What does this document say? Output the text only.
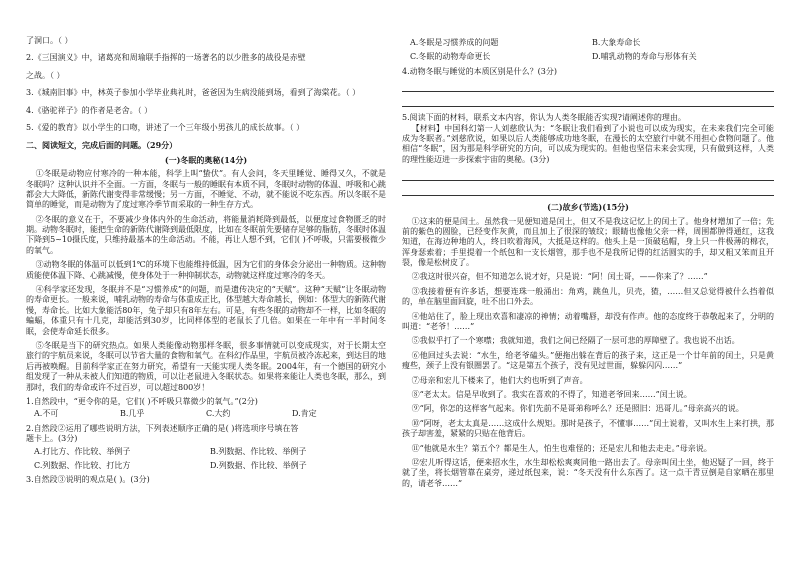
了洞口。（ ）
2.《三国演义》中，诸葛亮和周瑜联手指挥的一场著名的以少胜多的战役是赤壁
之战。（ ）
3.《城南旧事》中，林英子参加小学毕业典礼时，爸爸因为生病没能到场，看到了海棠花。（ ）
4.《骆驼祥子》的作者是老舍。（ ）
5.《爱的教育》以小学生的口吻，讲述了一个三年级小男孩儿的成长故事。（ ）
二、阅读短文，完成后面的问题。（29分）
(一)冬眠的奥秘(14分)

①冬眠是动物应付寒冷的一种本能，科学上叫“蛰伏”。有人会问，冬天里睡觉、睡得又久，不就是冬眠吗？这种认识并不全面。一方面，冬眠与一般的睡眠有本质不同，冬眠时动物的体温、呼吸和心跳都会大大降低，新陈代谢变得非常缓慢；另一方面，不睡觉、不动，就不能说不吃东西。所以冬眠不是简单的睡觉，而是动物为了度过寒冷季节而采取的一种生存方式。

②冬眠的意义在于，不要减少身体内外的生命活动，将能量消耗降到最低，以便度过食物匮乏的时期。动物冬眠时，能把生命的新陈代谢降到最低限度，比如在冬眠前先要储存足够的脂肪，冬眠时体温下降到5~10摄氏度，只维持最基本的生命活动。不能，再让人想不到，它们( )不呼吸，只需要极微少的氧气。

③动物冬眠的体温可以低到1℃的环境下也能维持低温，因为它们的身体会分泌出一种物质。这种物质能使体温下降、心跳减慢，使身体处于一种抑制状态，动物就这样度过寒冷的冬天。

④科学家还发现，冬眠并不是“习惯养成”的问题，而是遗传决定的“天赋”。这种“天赋”让冬眠动物的寿命更长。一般来说，哺乳动物的寿命与体重成正比，体型越大寿命越长，例如：体型大的新陈代谢慢，寿命长。比如大象能活80年，兔子却只有8年左右。可是，有些冬眠的动物却不一样，比如冬眠的蝙蝠，体重只有十几克，却能活到30岁，比同样体型的老鼠长了几倍。如果在一年中有一半时间冬眠，会使寿命延长很多。

⑤冬眠是当下的研究热点。如果人类能像动物那样冬眠，很多事情就可以变成现实，对于长期太空旅行的宇航员来说，冬眠可以节省大量的食物和氧气。在科幻作品里，宇航员被冷冻起来，到达目的地后再被唤醒。目前科学家正在努力研究，希望有一天能实现人类冬眠。2004年，有一个德国的研究小组发现了一种从未被人们知道的物质，可以让老鼠进入冬眠状态。如果将来能让人类也冬眠，那么，到那时，我们的寿命或许不过百岁，可以超过800岁！

1.自然段中，“更令你的是，它们( )不呼吸只靠微少的氧气。”(2分)
A.不可	B.几乎	C.大约	D.肯定
2.自然段②运用了哪些说明方法，下列表述顺序正确的是( )将选项序号填在答
题卡上。(3分)
A.打比方、作比较、举例子	B.列数据、作比较、举例子
C.列数据、作比较、打比方	D.列数据、作比较、举例子
3.自然段③说明的观点是( )。(3分)
A.冬眠是习惯养成的问题	B.大象寿命长
C.冬眠的动物寿命更长	D.哺乳动物的寿命与形体有关
4.动物冬眠与睡觉的本质区别是什么？(3分)
5.阅读下面的材料，联系文本内容，你认为人类冬眠能否实现?请阐述你的理由。

【材料】中国科幻第一人刘慈欣认为：“冬眠让我们看到了小说也可以成为现实，在未来我们完全可能成为冬眠者。”刘慈欣说，如果以后人类能够成功地冬眠，在漫长的太空旅行中就不用担心食物问题了。他相信“冬眠”，因为那是科学研究的方向，可以成为现实的。但他也坚信未来会实现，只有做到这样，人类的理性能迈进一步探索宇宙的奥秘。(3分)

(二)故乡(节选)(15分)

①这来的便是闰土。虽然我一见便知道是闰土，但又不是我这记忆上的闰土了。他身材增加了一倍；先前的紫色的圆脸，已经变作灰黄，而且加上了很深的皱纹；眼睛也像他父亲一样，周围都肿得通红，这我知道，在海边种地的人，终日吹着海风，大抵是这样的。他头上是一顶破毡帽，身上只一件极薄的棉衣，浑身瑟索着；手里提着一个纸包和一支长烟管，那手也不是我所记得的红活圆实的手，却又粗又笨而且开裂，像是松树皮了。

②我这时很兴奋，但不知道怎么说才好，只是说：“阿！闰土哥，——你来了？……”

③我接着便有许多话，想要连珠一般涌出：角鸡，跳鱼儿，贝壳，猹，……但又总觉得被什么挡着似的，单在脑里面回旋，吐不出口外去。

④他站住了，脸上现出欢喜和凄凉的神情；动着嘴唇，却没有作声。他的态度终于恭敬起来了，分明的叫道：“老爷！……”

⑤我似乎打了一个寒噤；我就知道，我们之间已经隔了一层可悲的厚障壁了。我也说不出话。

⑥他回过头去说：“水生，给老爷磕头。”便拖出躲在背后的孩子来，这正是一个廿年前的闰土，只是黄瘦些，颈子上没有银圈罢了。“这是第五个孩子，没有见过世面，躲躲闪闪……”

⑦母亲和宏儿下楼来了，他们大约也听到了声音。

⑧“老太太。信是早收到了。我实在喜欢的不得了，知道老爷回来……”闰土说。

⑨“阿，你怎的这样客气起来。你们先前不是哥弟称呼么？还是照旧：迅哥儿。”母亲高兴的说。

⑩“阿呀，老太太真是……这成什么规矩。那时是孩子，不懂事……”闰土说着，又叫水生上来打拱，那孩子却害羞，紧紧的只贴在他背后。

⑪“他就是水生？第五个？都是生人，怕生也难怪的；还是宏儿和他去走走。”母亲说。

⑫宏儿听得这话，便来招水生，水生却松松爽爽同他一路出去了。母亲叫闰土坐，他迟疑了一回，终于就了坐，将长烟管靠在桌旁，递过纸包来，说：“冬天没有什么东西了。这一点干青豆倒是自家晒在那里的，请老爷……”
